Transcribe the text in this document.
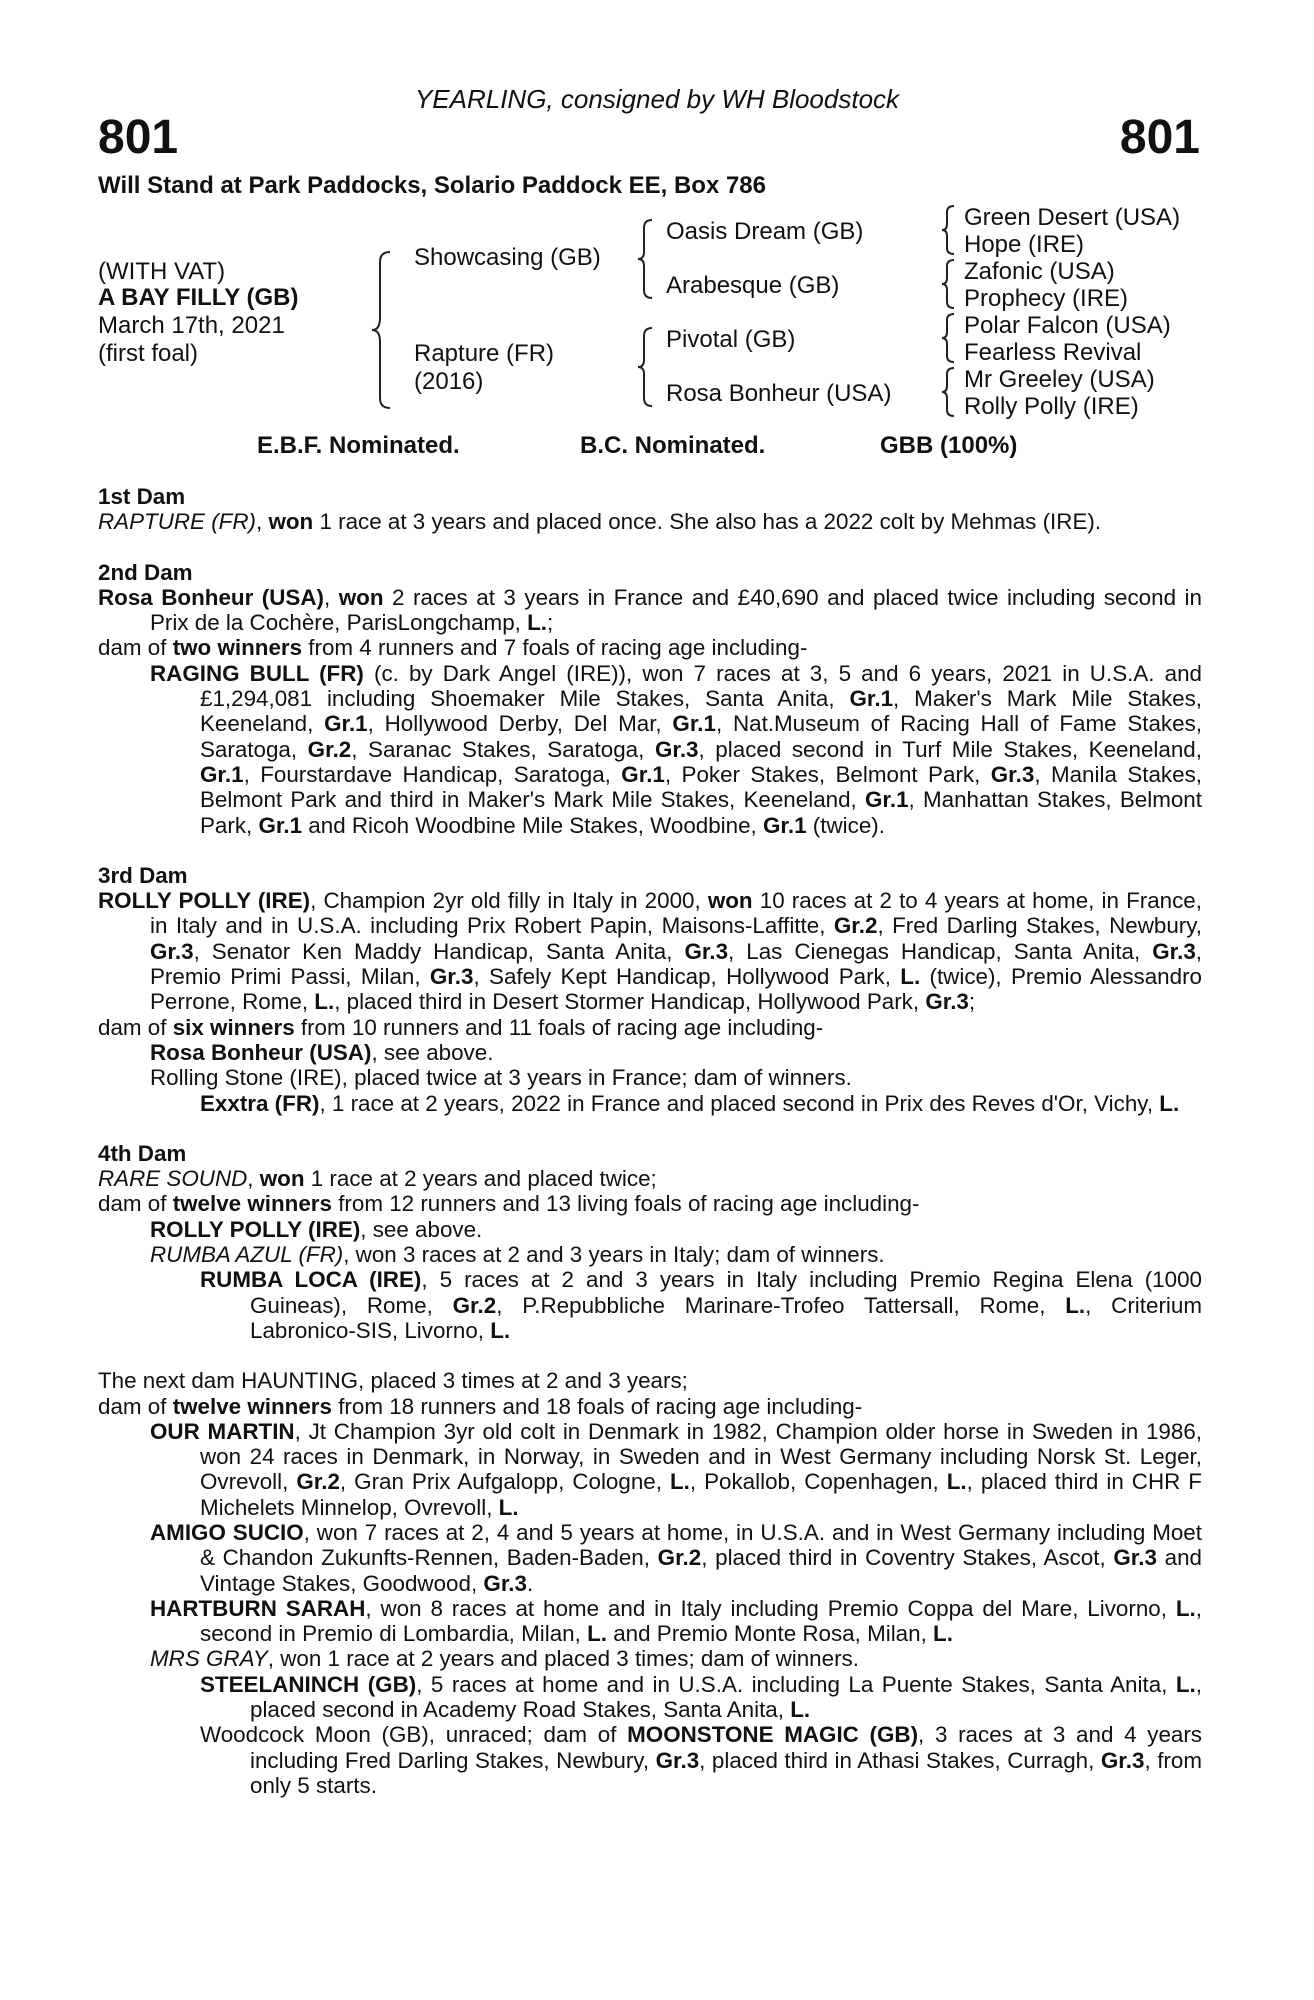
YEARLING, consigned by WH Bloodstock
801	801
Will Stand at Park Paddocks, Solario Paddock EE, Box 786
(WITH VAT)
A BAY FILLY (GB)
March 17th, 2021
(first foal)
Showcasing (GB)
Rapture (FR)
(2016)
Oasis Dream (GB)
Arabesque (GB)
Pivotal (GB)
Rosa Bonheur (USA)
Green Desert (USA)
Hope (IRE)
Zafonic (USA)
Prophecy (IRE)
Polar Falcon (USA)
Fearless Revival
Mr Greeley (USA)
Rolly Polly (IRE)
E.B.F. Nominated.	B.C. Nominated.	GBB (100%)
1st Dam

RAPTURE (FR), won 1 race at 3 years and placed once. She also has a 2022 colt by Mehmas (IRE).

2nd Dam

Rosa Bonheur (USA), won 2 races at 3 years in France and £40,690 and placed twice including second in Prix de la Cochère, ParisLongchamp, L.;

dam of two winners from 4 runners and 7 foals of racing age including-

RAGING BULL (FR) (c. by Dark Angel (IRE)), won 7 races at 3, 5 and 6 years, 2021 in U.S.A. and £1,294,081 including Shoemaker Mile Stakes, Santa Anita, Gr.1, Maker's Mark Mile Stakes, Keeneland, Gr.1, Hollywood Derby, Del Mar, Gr.1, Nat.Museum of Racing Hall of Fame Stakes, Saratoga, Gr.2, Saranac Stakes, Saratoga, Gr.3, placed second in Turf Mile Stakes, Keeneland, Gr.1, Fourstardave Handicap, Saratoga, Gr.1, Poker Stakes, Belmont Park, Gr.3, Manila Stakes, Belmont Park and third in Maker's Mark Mile Stakes, Keeneland, Gr.1, Manhattan Stakes, Belmont Park, Gr.1 and Ricoh Woodbine Mile Stakes, Woodbine, Gr.1 (twice).

3rd Dam

ROLLY POLLY (IRE), Champion 2yr old filly in Italy in 2000, won 10 races at 2 to 4 years at home, in France, in Italy and in U.S.A. including Prix Robert Papin, Maisons-Laffitte, Gr.2, Fred Darling Stakes, Newbury, Gr.3, Senator Ken Maddy Handicap, Santa Anita, Gr.3, Las Cienegas Handicap, Santa Anita, Gr.3, Premio Primi Passi, Milan, Gr.3, Safely Kept Handicap, Hollywood Park, L. (twice), Premio Alessandro Perrone, Rome, L., placed third in Desert Stormer Handicap, Hollywood Park, Gr.3;

dam of six winners from 10 runners and 11 foals of racing age including-

Rosa Bonheur (USA), see above.

Rolling Stone (IRE), placed twice at 3 years in France; dam of winners.

Exxtra (FR), 1 race at 2 years, 2022 in France and placed second in Prix des Reves d'Or, Vichy, L.

4th Dam

RARE SOUND, won 1 race at 2 years and placed twice;

dam of twelve winners from 12 runners and 13 living foals of racing age including-

ROLLY POLLY (IRE), see above.

RUMBA AZUL (FR), won 3 races at 2 and 3 years in Italy; dam of winners.

RUMBA LOCA (IRE), 5 races at 2 and 3 years in Italy including Premio Regina Elena (1000 Guineas), Rome, Gr.2, P.Repubbliche Marinare-Trofeo Tattersall, Rome, L., Criterium Labronico-SIS, Livorno, L.

The next dam HAUNTING, placed 3 times at 2 and 3 years;

dam of twelve winners from 18 runners and 18 foals of racing age including-

OUR MARTIN, Jt Champion 3yr old colt in Denmark in 1982, Champion older horse in Sweden in 1986, won 24 races in Denmark, in Norway, in Sweden and in West Germany including Norsk St. Leger, Ovrevoll, Gr.2, Gran Prix Aufgalopp, Cologne, L., Pokallob, Copenhagen, L., placed third in CHR F Michelets Minnelop, Ovrevoll, L.

AMIGO SUCIO, won 7 races at 2, 4 and 5 years at home, in U.S.A. and in West Germany including Moet & Chandon Zukunfts-Rennen, Baden-Baden, Gr.2, placed third in Coventry Stakes, Ascot, Gr.3 and Vintage Stakes, Goodwood, Gr.3.

HARTBURN SARAH, won 8 races at home and in Italy including Premio Coppa del Mare, Livorno, L., second in Premio di Lombardia, Milan, L. and Premio Monte Rosa, Milan, L.

MRS GRAY, won 1 race at 2 years and placed 3 times; dam of winners.

STEELANINCH (GB), 5 races at home and in U.S.A. including La Puente Stakes, Santa Anita, L., placed second in Academy Road Stakes, Santa Anita, L.

Woodcock Moon (GB), unraced; dam of MOONSTONE MAGIC (GB), 3 races at 3 and 4 years including Fred Darling Stakes, Newbury, Gr.3, placed third in Athasi Stakes, Curragh, Gr.3, from only 5 starts.
